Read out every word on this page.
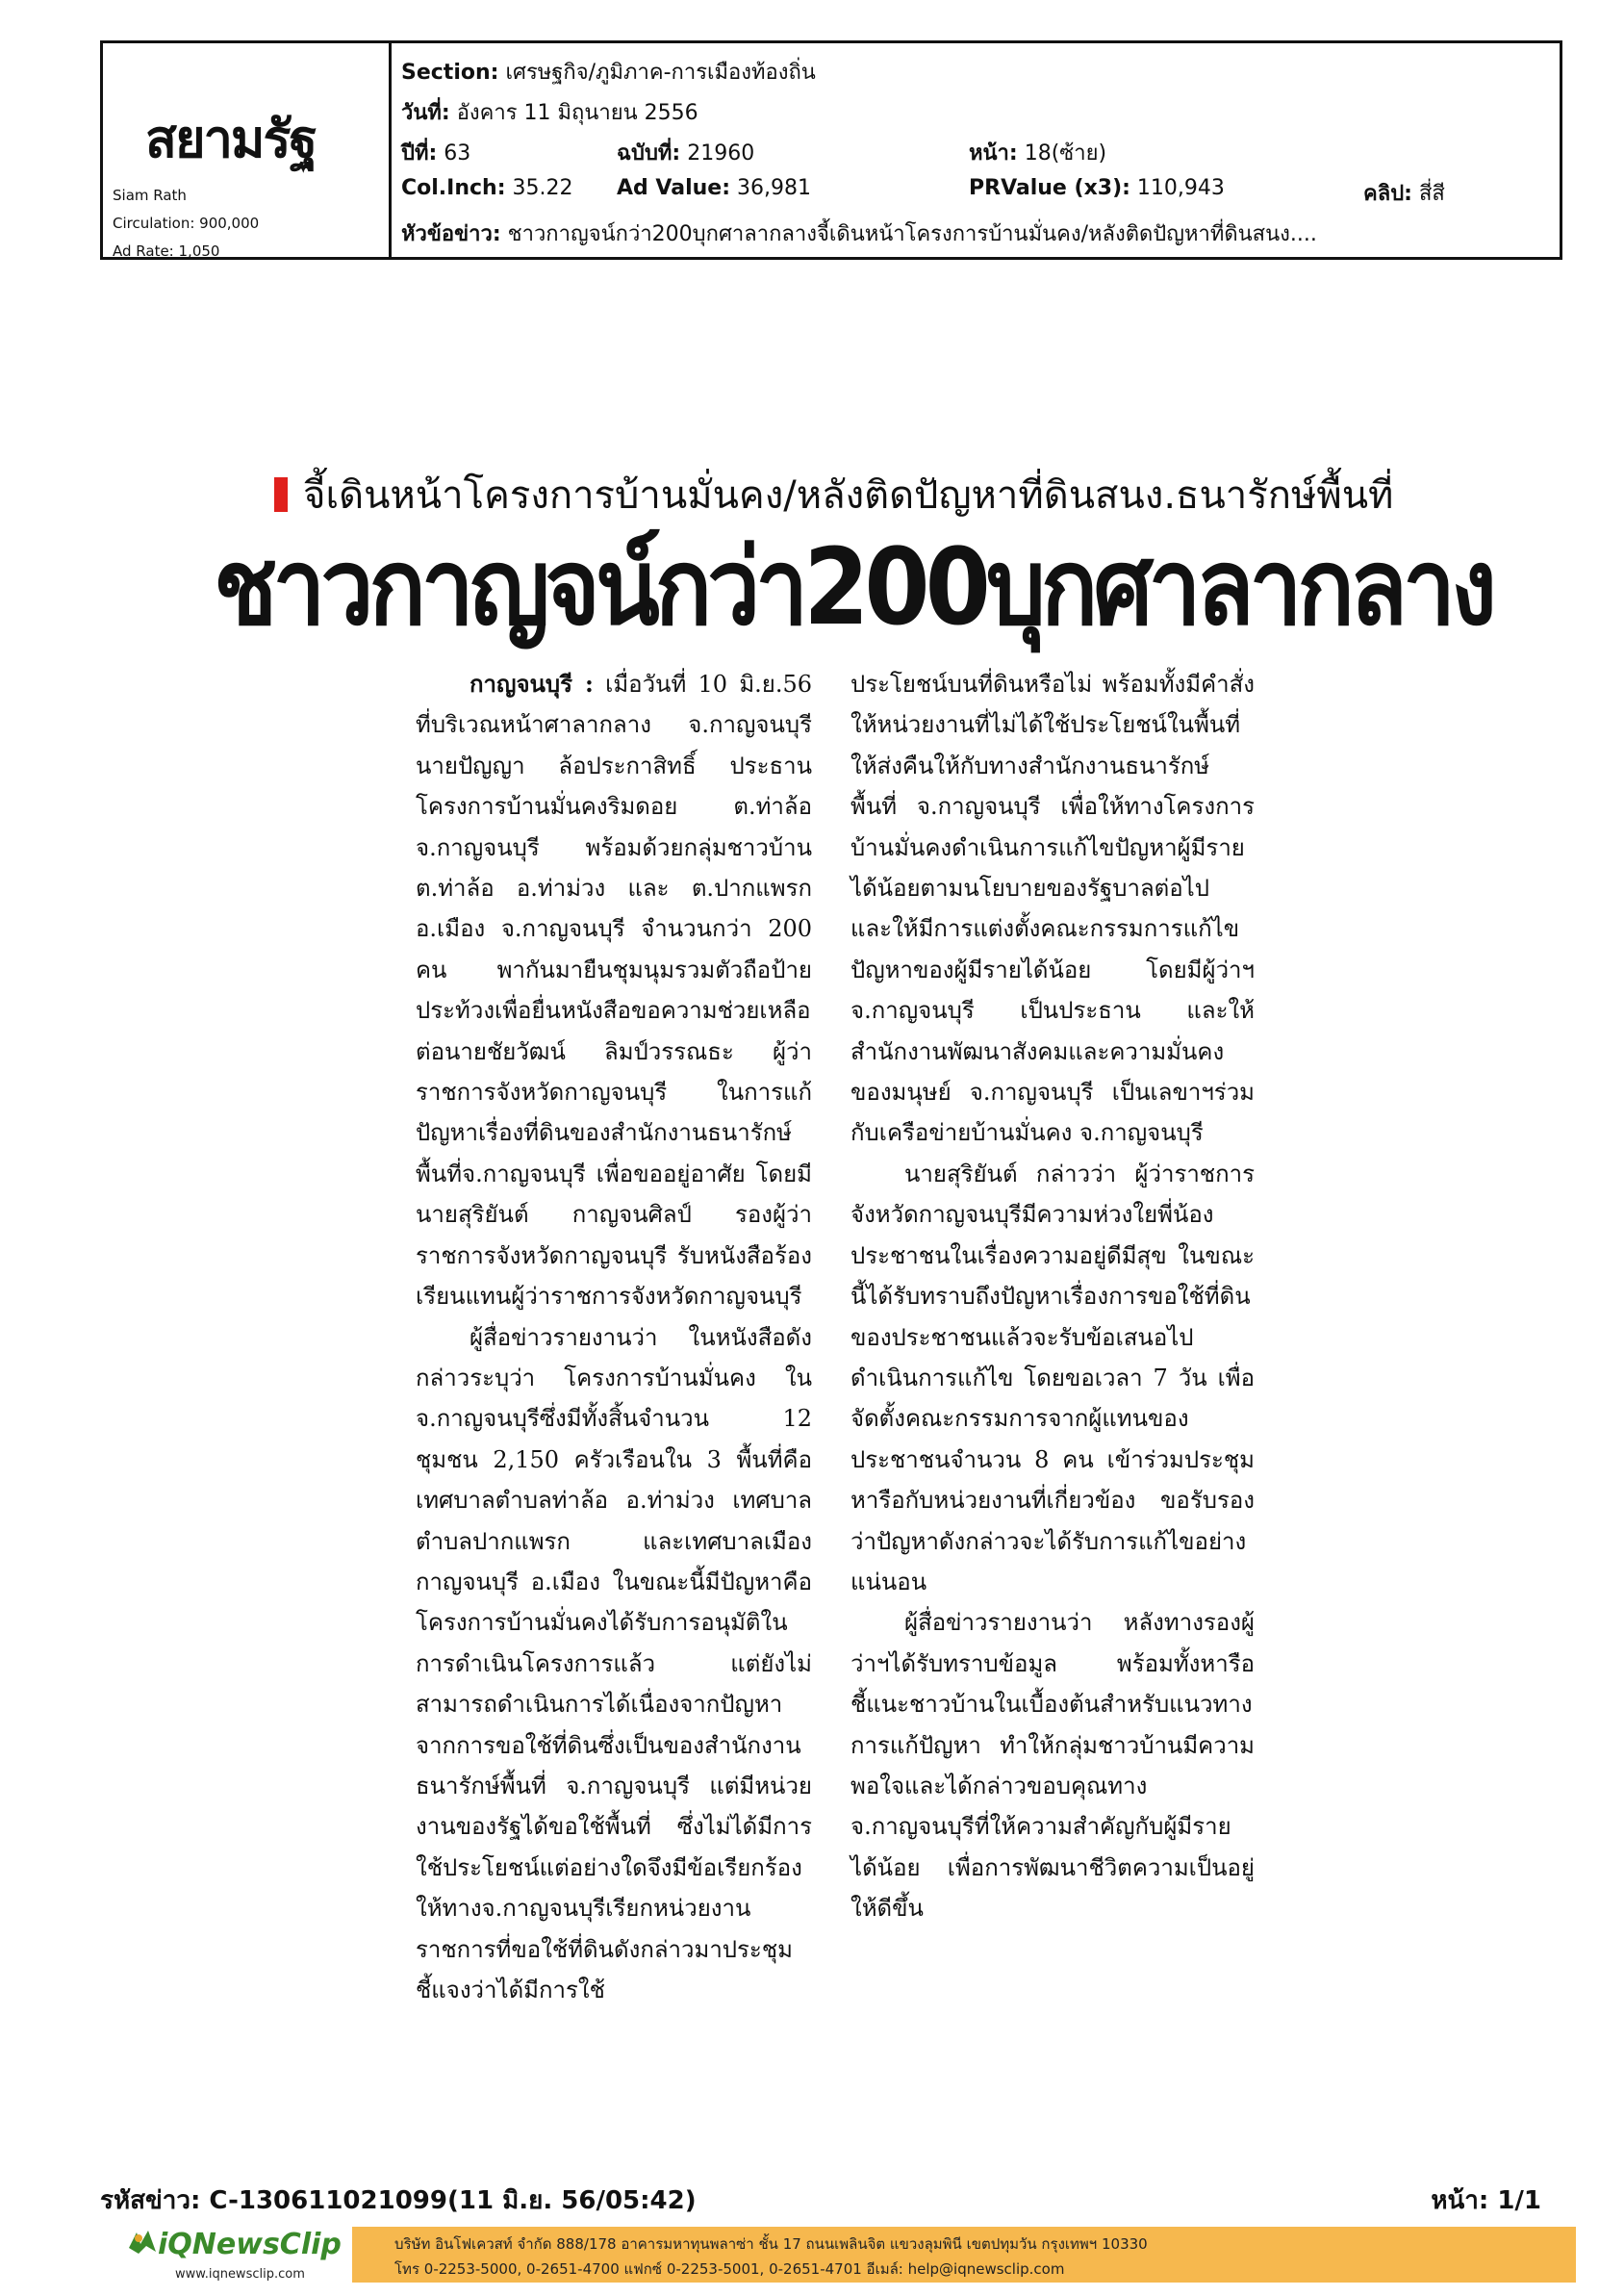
สยามรัฐ
Siam Rath
Circulation: 900,000
Ad Rate: 1,050
Section: เศรษฐกิจ/ภูมิภาค-การเมืองท้องถิ่น
วันที่: อังคาร 11 มิถุนายน 2556
ปีที่: 63	ฉบับที่: 21960	หน้า: 18(ซ้าย)
Col.Inch: 35.22 Ad Value: 36,981	PRValue (x3): 110,943	คลิป: สี่สี
หัวข้อข่าว: ชาวกาญจน์กว่า200บุกศาลากลางจี้เดินหน้าโครงการบ้านมั่นคง/หลังติดปัญหาที่ดินสนง....
จี้เดินหน้าโครงการบ้านมั่นคง/หลังติดปัญหาที่ดินสนง.ธนารักษ์พื้นที่
ชาวกาญจน์กว่า200บุกศาลากลาง

กาญจนบุรี : เมื่อวันที่ 10 มิ.ย.56 ที่บริเวณหน้าศาลากลาง จ.กาญจนบุรี นายปัญญา ล้อประกาสิทธิ์ ประธานโครงการบ้านมั่นคงริมดอย ต.ท่าล้อ จ.กาญจนบุรี พร้อมด้วยกลุ่มชาวบ้าน ต.ท่าล้อ อ.ท่าม่วง และ ต.ปากแพรก อ.เมือง จ.กาญจนบุรี จำนวนกว่า 200 คน พากันมายืนชุมนุมรวมตัวถือป้ายประท้วงเพื่อยื่นหนังสือขอความช่วยเหลือต่อนายชัยวัฒน์ ลิมป์วรรณธะ ผู้ว่าราชการจังหวัดกาญจนบุรี ในการแก้ปัญหาเรื่องที่ดินของสำนักงานธนารักษ์พื้นที่จ.กาญจนบุรี เพื่อขออยู่อาศัย โดยมีนายสุริยันต์ กาญจนศิลป์ รองผู้ว่าราชการจังหวัดกาญจนบุรี รับหนังสือร้องเรียนแทนผู้ว่าราชการจังหวัดกาญจนบุรี

ผู้สื่อข่าวรายงานว่า ในหนังสือดังกล่าวระบุว่า โครงการบ้านมั่นคง ใน จ.กาญจนบุรีซึ่งมีทั้งสิ้นจำนวน 12 ชุมชน 2,150 ครัวเรือนใน 3 พื้นที่คือ เทศบาลตำบลท่าล้อ อ.ท่าม่วง เทศบาลตำบลปากแพรก และเทศบาลเมืองกาญจนบุรี อ.เมือง ในขณะนี้มีปัญหาคือ โครงการบ้านมั่นคงได้รับการอนุมัติในการดำเนินโครงการแล้ว แต่ยังไม่สามารถดำเนินการได้เนื่องจากปัญหาจากการขอใช้ที่ดินซึ่งเป็นของสำนักงานธนารักษ์พื้นที่ จ.กาญจนบุรี แต่มีหน่วยงานของรัฐได้ขอใช้พื้นที่ ซึ่งไม่ได้มีการใช้ประโยชน์แต่อย่างใดจึงมีข้อเรียกร้องให้ทางจ.กาญจนบุรีเรียกหน่วยงานราชการที่ขอใช้ที่ดินดังกล่าวมาประชุมชี้แจงว่าได้มีการใช้

ประโยชน์บนที่ดินหรือไม่ พร้อมทั้งมีคำสั่งให้หน่วยงานที่ไม่ได้ใช้ประโยชน์ในพื้นที่ให้ส่งคืนให้กับทางสำนักงานธนารักษ์พื้นที่ จ.กาญจนบุรี เพื่อให้ทางโครงการบ้านมั่นคงดำเนินการแก้ไขปัญหาผู้มีรายได้น้อยตามนโยบายของรัฐบาลต่อไป และให้มีการแต่งตั้งคณะกรรมการแก้ไขปัญหาของผู้มีรายได้น้อย โดยมีผู้ว่าฯ จ.กาญจนบุรี เป็นประธาน และให้สำนักงานพัฒนาสังคมและความมั่นคงของมนุษย์ จ.กาญจนบุรี เป็นเลขาฯร่วมกับเครือข่ายบ้านมั่นคง จ.กาญจนบุรี

นายสุริยันต์ กล่าวว่า ผู้ว่าราชการจังหวัดกาญจนบุรีมีความห่วงใยพี่น้องประชาชนในเรื่องความอยู่ดีมีสุข ในขณะนี้ได้รับทราบถึงปัญหาเรื่องการขอใช้ที่ดินของประชาชนแล้วจะรับข้อเสนอไปดำเนินการแก้ไข โดยขอเวลา 7 วัน เพื่อจัดตั้งคณะกรรมการจากผู้แทนของประชาชนจำนวน 8 คน เข้าร่วมประชุมหารือกับหน่วยงานที่เกี่ยวข้อง ขอรับรองว่าปัญหาดังกล่าวจะได้รับการแก้ไขอย่างแน่นอน

ผู้สื่อข่าวรายงานว่า หลังทางรองผู้ว่าฯได้รับทราบข้อมูล พร้อมทั้งหารือชี้แนะชาวบ้านในเบื้องต้นสำหรับแนวทางการแก้ปัญหา ทำให้กลุ่มชาวบ้านมีความพอใจและได้กล่าวขอบคุณทาง จ.กาญจนบุรีที่ให้ความสำคัญกับผู้มีรายได้น้อย เพื่อการพัฒนาชีวิตความเป็นอยู่ให้ดีขึ้น

รหัสข่าว: C-130611021099(11 มิ.ย. 56/05:42)	หน้า: 1/1
iQNewsClip
www.iqnewsclip.com
บริษัท อินโฟเควสท์ จำกัด 888/178 อาคารมหาทุนพลาซ่า ชั้น 17 ถนนเพลินจิต แขวงลุมพินี เขตปทุมวัน กรุงเทพฯ 10330
โทร 0-2253-5000, 0-2651-4700 แฟกซ์ 0-2253-5001, 0-2651-4701 อีเมล์: help@iqnewsclip.com
